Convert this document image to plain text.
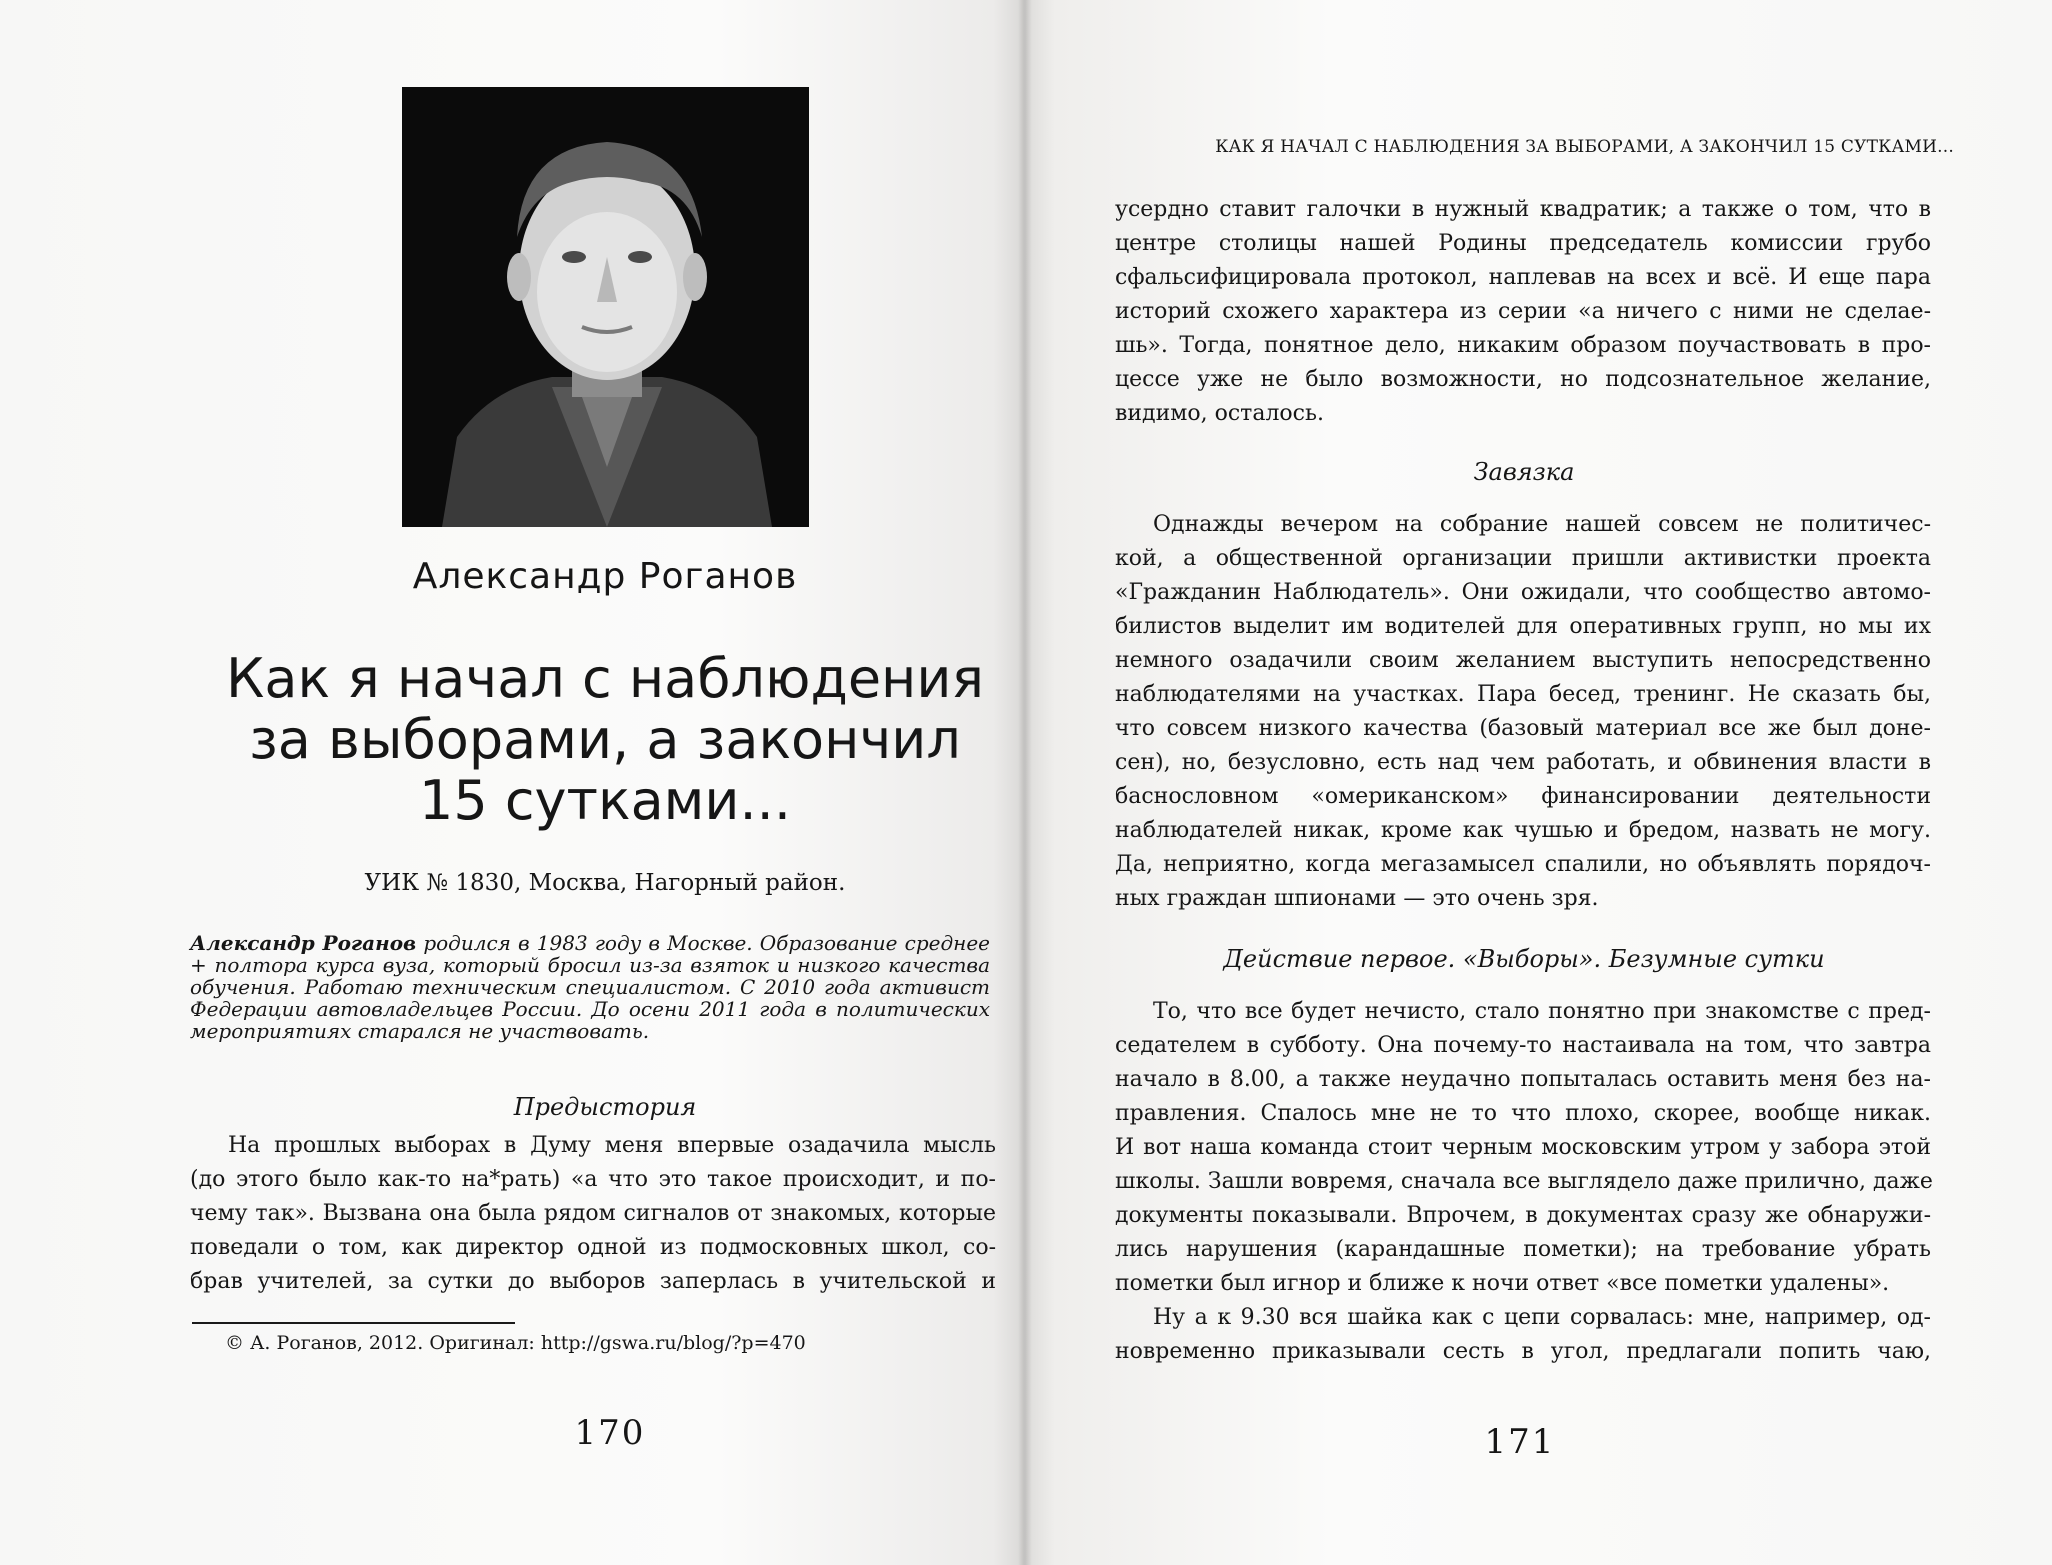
Александр Роганов
Как я начал с наблюдения
за выборами, а закончил
15 сутками...
УИК № 1830, Москва, Нагорный район.
Александр Роганов родился в 1983 году в Москве. Образование среднее + полтора курса вуза, который бросил из-за взяток и низкого качества обучения. Работаю техническим специалистом. С 2010 года активист Федерации автовладельцев России. До осени 2011 года в политических мероприятиях старался не участвовать.
Предыстория
На прошлых выборах в Думу меня впервые озадачила мысль
(до этого было как-то на*рать) «а что это такое происходит, и по-
чему так». Вызвана она была рядом сигналов от знакомых, которые
поведали о том, как директор одной из подмосковных школ, со-
брав учителей, за сутки до выборов заперлась в учительской и
© А. Роганов, 2012. Оригинал: http://gswa.ru/blog/?p=470
170
КАК Я НАЧАЛ С НАБЛЮДЕНИЯ ЗА ВЫБОРАМИ, А ЗАКОНЧИЛ 15 СУТКАМИ...
усердно ставит галочки в нужный квадратик; а также о том, что в
центре столицы нашей Родины председатель комиссии грубо
сфальсифицировала протокол, наплевав на всех и всё. И еще пара
историй схожего характера из серии «а ничего с ними не сделае-
шь». Тогда, понятное дело, никаким образом поучаствовать в про-
цессе уже не было возможности, но подсознательное желание,
видимо, осталось.
Завязка
Однажды вечером на собрание нашей совсем не политичес-
кой, а общественной организации пришли активистки проекта
«Гражданин Наблюдатель». Они ожидали, что сообщество автомо-
билистов выделит им водителей для оперативных групп, но мы их
немного озадачили своим желанием выступить непосредственно
наблюдателями на участках. Пара бесед, тренинг. Не сказать бы,
что совсем низкого качества (базовый материал все же был донe-
сен), но, безусловно, есть над чем работать, и обвинения власти в
баснословном «омериканском» финансировании деятельности
наблюдателей никак, кроме как чушью и бредом, назвать не могу.
Да, неприятно, когда мегазамысел спалили, но объявлять порядоч-
ных граждан шпионами — это очень зря.
Действие первое. «Выборы». Безумные сутки
То, что все будет нечисто, стало понятно при знакомстве с пред-
седателем в субботу. Она почему-то настаивала на том, что завтра
начало в 8.00, а также неудачно попыталась оставить меня без на-
правления. Спалось мне не то что плохо, скорее, вообще никак.
И вот наша команда стоит черным московским утром у забора этой
школы. Зашли вовремя, сначала все выглядело даже прилично, даже
документы показывали. Впрочем, в документах сразу же обнаружи-
лись нарушения (карандашные пометки); на требование убрать
пометки был игнор и ближе к ночи ответ «все пометки удалены».
Ну а к 9.30 вся шайка как с цепи сорвалась: мне, например, од-
новременно приказывали сесть в угол, предлагали попить чаю,
171
